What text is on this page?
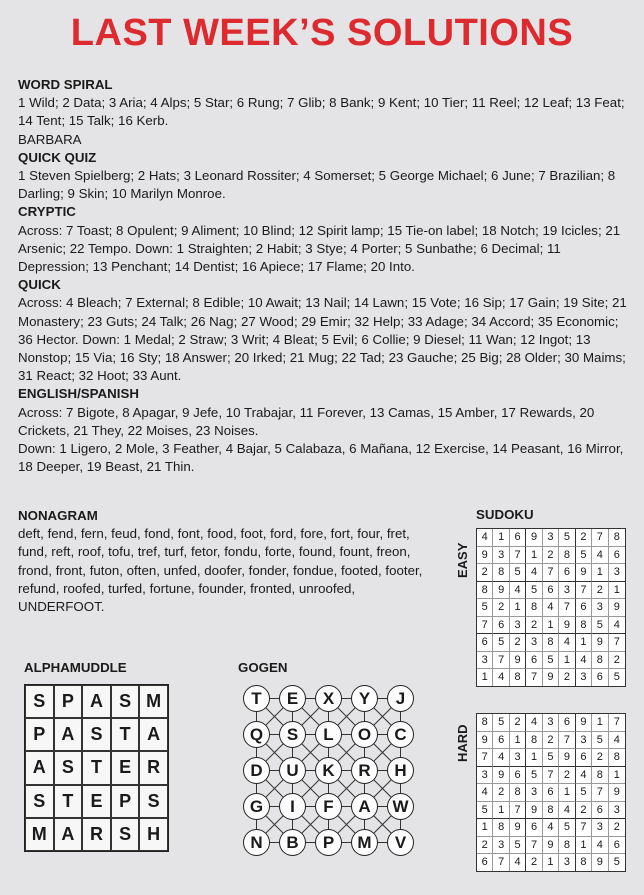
LAST WEEK’S SOLUTIONS

WORD SPIRAL

1 Wild; 2 Data; 3 Aria; 4 Alps; 5 Star; 6 Rung; 7 Glib; 8 Bank; 9 Kent; 10 Tier; 11 Reel; 12 Leaf; 13 Feat; 14 Tent; 15 Talk; 16 Kerb.

BARBARA

QUICK QUIZ

1 Steven Spielberg; 2 Hats; 3 Leonard Rossiter; 4 Somerset; 5 George Michael; 6 June; 7 Brazilian; 8 Darling; 9 Skin; 10 Marilyn Monroe.

CRYPTIC

Across: 7 Toast; 8 Opulent; 9 Aliment; 10 Blind; 12 Spirit lamp; 15 Tie-on label; 18 Notch; 19 Icicles; 21 Arsenic; 22 Tempo. Down: 1 Straighten; 2 Habit; 3 Stye; 4 Porter; 5 Sunbathe; 6 Decimal; 11 Depression; 13 Penchant; 14 Dentist; 16 Apiece; 17 Flame; 20 Into.

QUICK

Across: 4 Bleach; 7 External; 8 Edible; 10 Await; 13 Nail; 14 Lawn; 15 Vote; 16 Sip; 17 Gain; 19 Site; 21 Monastery; 23 Guts; 24 Talk; 26 Nag; 27 Wood; 29 Emir; 32 Help; 33 Adage; 34 Accord; 35 Economic; 36 Hector. Down: 1 Medal; 2 Straw; 3 Writ; 4 Bleat; 5 Evil; 6 Collie; 9 Diesel; 11 Wan; 12 Ingot; 13 Nonstop; 15 Via; 16 Sty; 18 Answer; 20 Irked; 21 Mug; 22 Tad; 23 Gauche; 25 Big; 28 Older; 30 Maims; 31 React; 32 Hoot; 33 Aunt.

ENGLISH/SPANISH

Across: 7 Bigote, 8 Apagar, 9 Jefe, 10 Trabajar, 11 Forever, 13 Camas, 15 Amber, 17 Rewards, 20 Crickets, 21 They, 22 Moises, 23 Noises.

Down: 1 Ligero, 2 Mole, 3 Feather, 4 Bajar, 5 Calabaza, 6 Mañana, 12 Exercise, 14 Peasant, 16 Mirror, 18 Deeper, 19 Beast, 21 Thin.

NONAGRAM
deft, fend, fern, feud, fond, font, food, foot, ford, fore, fort, four, fret, fund, reft, roof, tofu, tref, turf, fetor, fondu, forte, found, fount, freon, frond, front, futon, often, unfed, doofer, fonder, fondue, footed, footer, refund, roofed, turfed, fortune, founder, fronted, unroofed, UNDERFOOT.
ALPHAMUDDLE
S P A S M
P A S T A
A S T E R
S T E P S
M A R S H
GOGEN
T	E	X	Y	J
Q	S	L	O	C
D	U	K	R	H
G	I	F	A	W
N	B	P	M	V
SUDOKU
EASY
4 1 6 9 3 5 2 7 8
9 3 7 1 2 8 5 4 6
2 8 5 4 7 6 9 1 3
8 9 4 5 6 3 7 2 1
5 2 1 8 4 7 6 3 9
7 6 3 2 1 9 8 5 4
6 5 2 3 8 4 1 9 7
3 7 9 6 5 1 4 8 2
1 4 8 7 9 2 3 6 5
HARD
8 5 2 4 3 6 9 1 7
9 6 1 8 2 7 3 5 4
7 4 3 1 5 9 6 2 8
3 9 6 5 7 2 4 8 1
4 2 8 3 6 1 5 7 9
5 1 7 9 8 4 2 6 3
1 8 9 6 4 5 7 3 2
2 3 5 7 9 8 1 4 6
6 7 4 2 1 3 8 9 5
